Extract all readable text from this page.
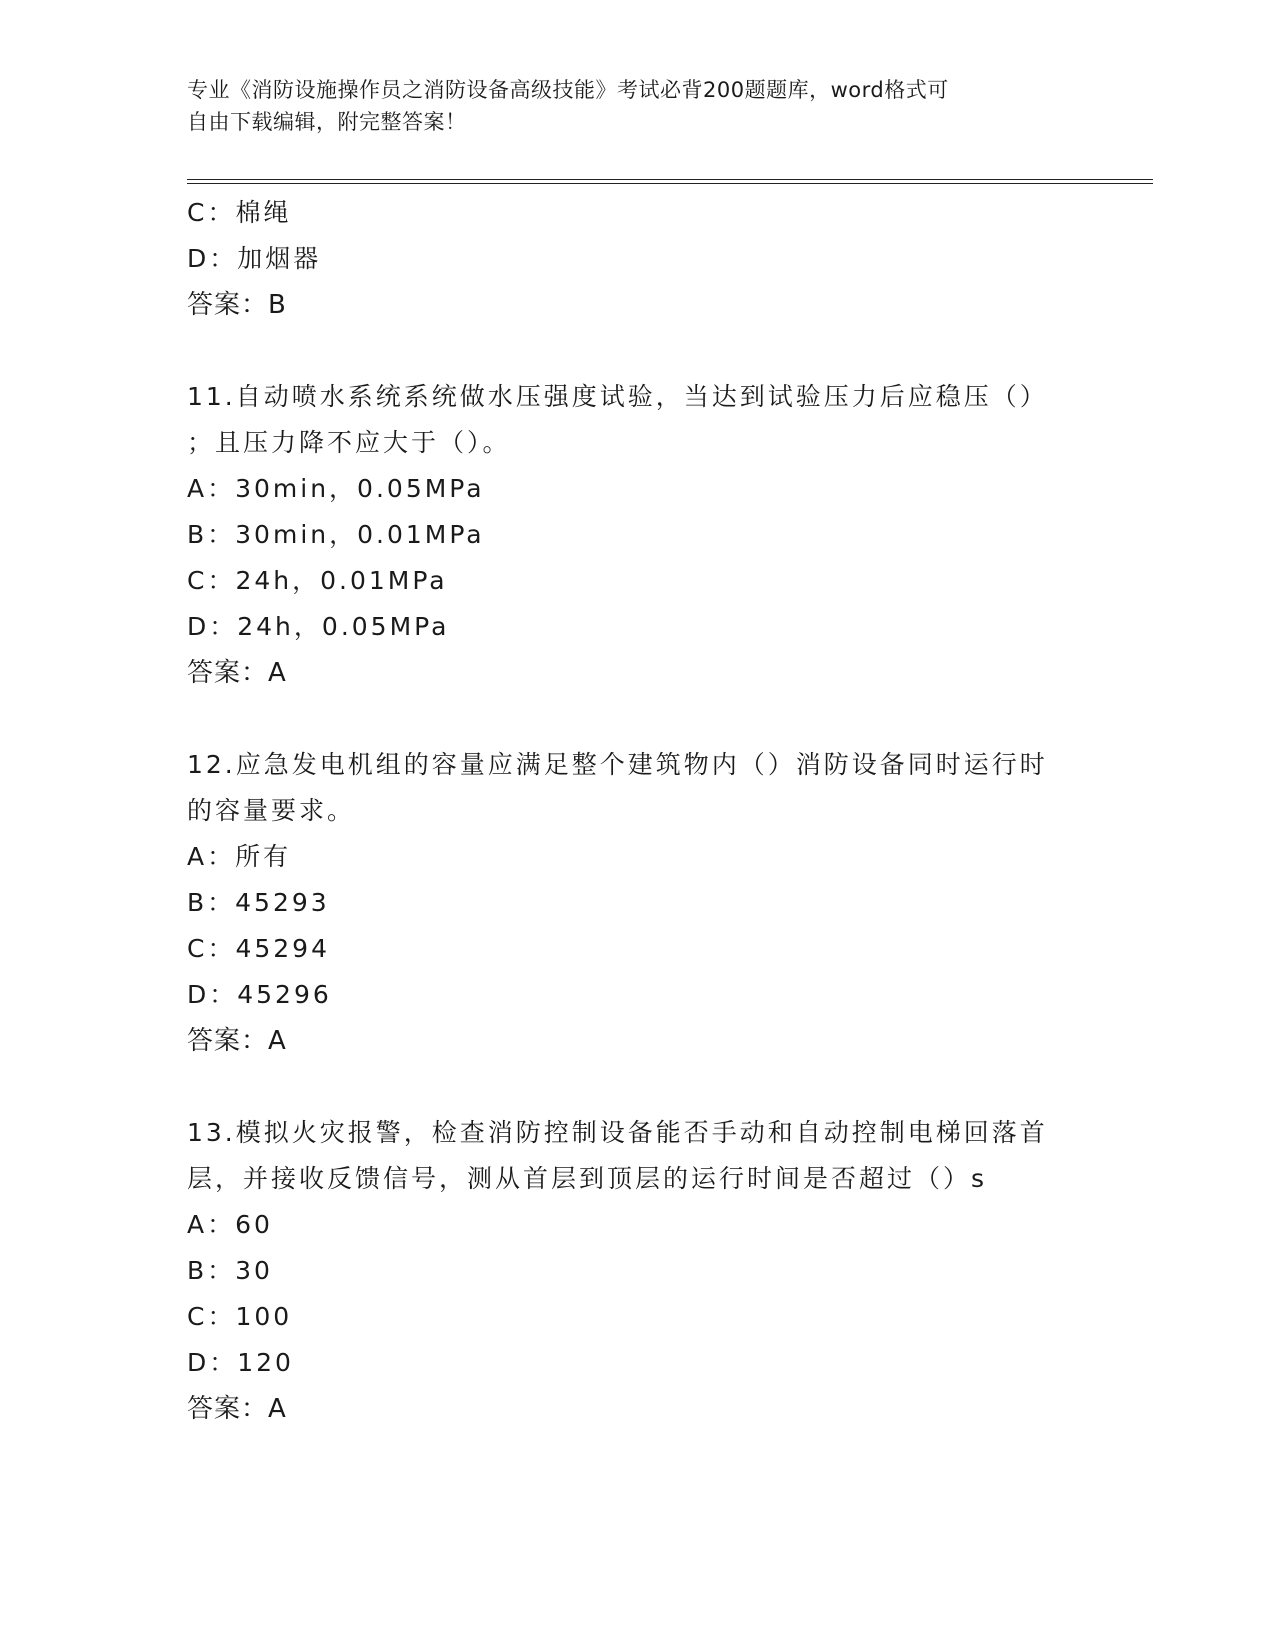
专业《消防设施操作员之消防设备高级技能》考试必背200题题库，word格式可
自由下载编辑，附完整答案！
C：棉绳
D：加烟器
答案：B
11.自动喷水系统系统做水压强度试验，当达到试验压力后应稳压（）
；且压力降不应大于（）。
A：30min，0.05MPa
B：30min，0.01MPa
C：24h，0.01MPa
D：24h，0.05MPa
答案：A
12.应急发电机组的容量应满足整个建筑物内（）消防设备同时运行时
的容量要求。
A：所有
B：45293
C：45294
D：45296
答案：A
13.模拟火灾报警，检查消防控制设备能否手动和自动控制电梯回落首
层，并接收反馈信号，测从首层到顶层的运行时间是否超过（）s
A：60
B：30
C：100
D：120
答案：A
